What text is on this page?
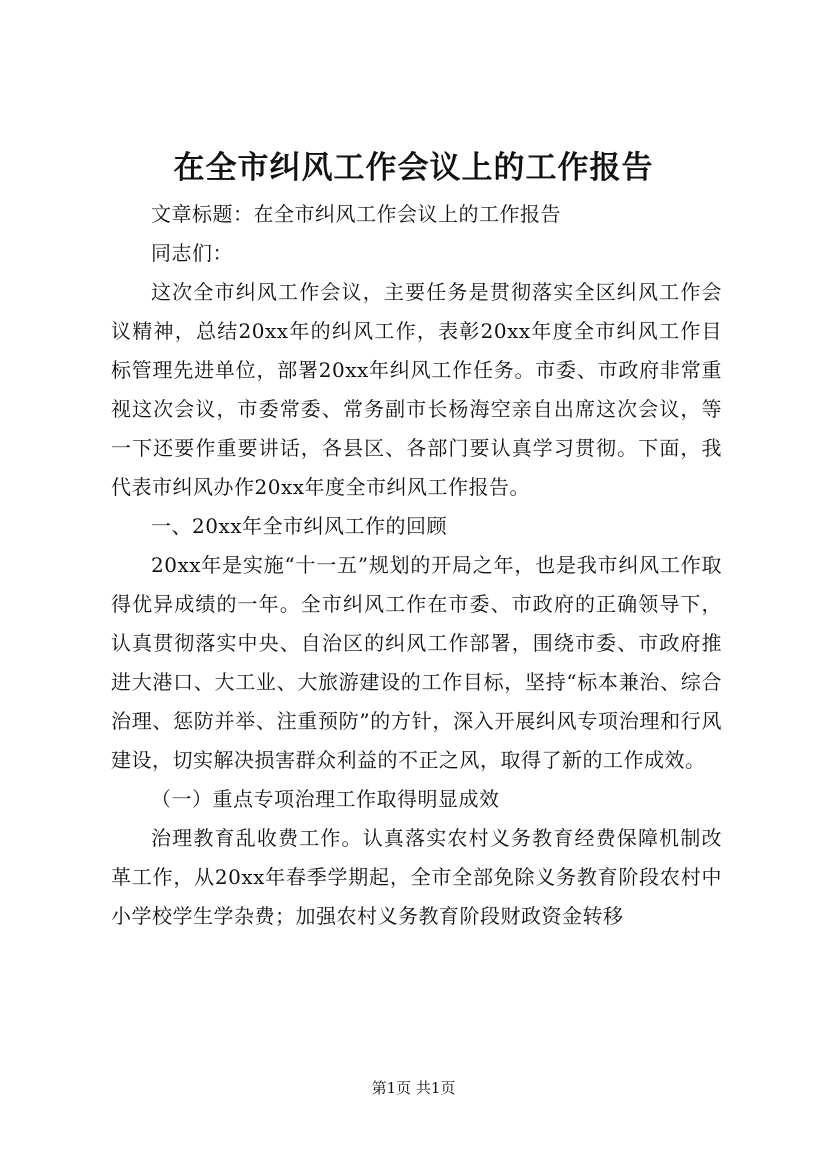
在全市纠风工作会议上的工作报告

文章标题：在全市纠风工作会议上的工作报告

同志们：

这次全市纠风工作会议，主要任务是贯彻落实全区纠风工作会议精神，总结20xx年的纠风工作，表彰20xx年度全市纠风工作目标管理先进单位，部署20xx年纠风工作任务。市委、市政府非常重视这次会议，市委常委、常务副市长杨海空亲自出席这次会议，等一下还要作重要讲话，各县区、各部门要认真学习贯彻。下面，我代表市纠风办作20xx年度全市纠风工作报告。

一、20xx年全市纠风工作的回顾

20xx年是实施“十一五”规划的开局之年，也是我市纠风工作取得优异成绩的一年。全市纠风工作在市委、市政府的正确领导下，认真贯彻落实中央、自治区的纠风工作部署，围绕市委、市政府推进大港口、大工业、大旅游建设的工作目标，坚持“标本兼治、综合治理、惩防并举、注重预防”的方针，深入开展纠风专项治理和行风建设，切实解决损害群众利益的不正之风，取得了新的工作成效。

（一）重点专项治理工作取得明显成效

治理教育乱收费工作。认真落实农村义务教育经费保障机制改革工作，从20xx年春季学期起，全市全部免除义务教育阶段农村中小学校学生学杂费；加强农村义务教育阶段财政资金转移

第1页 共1页
